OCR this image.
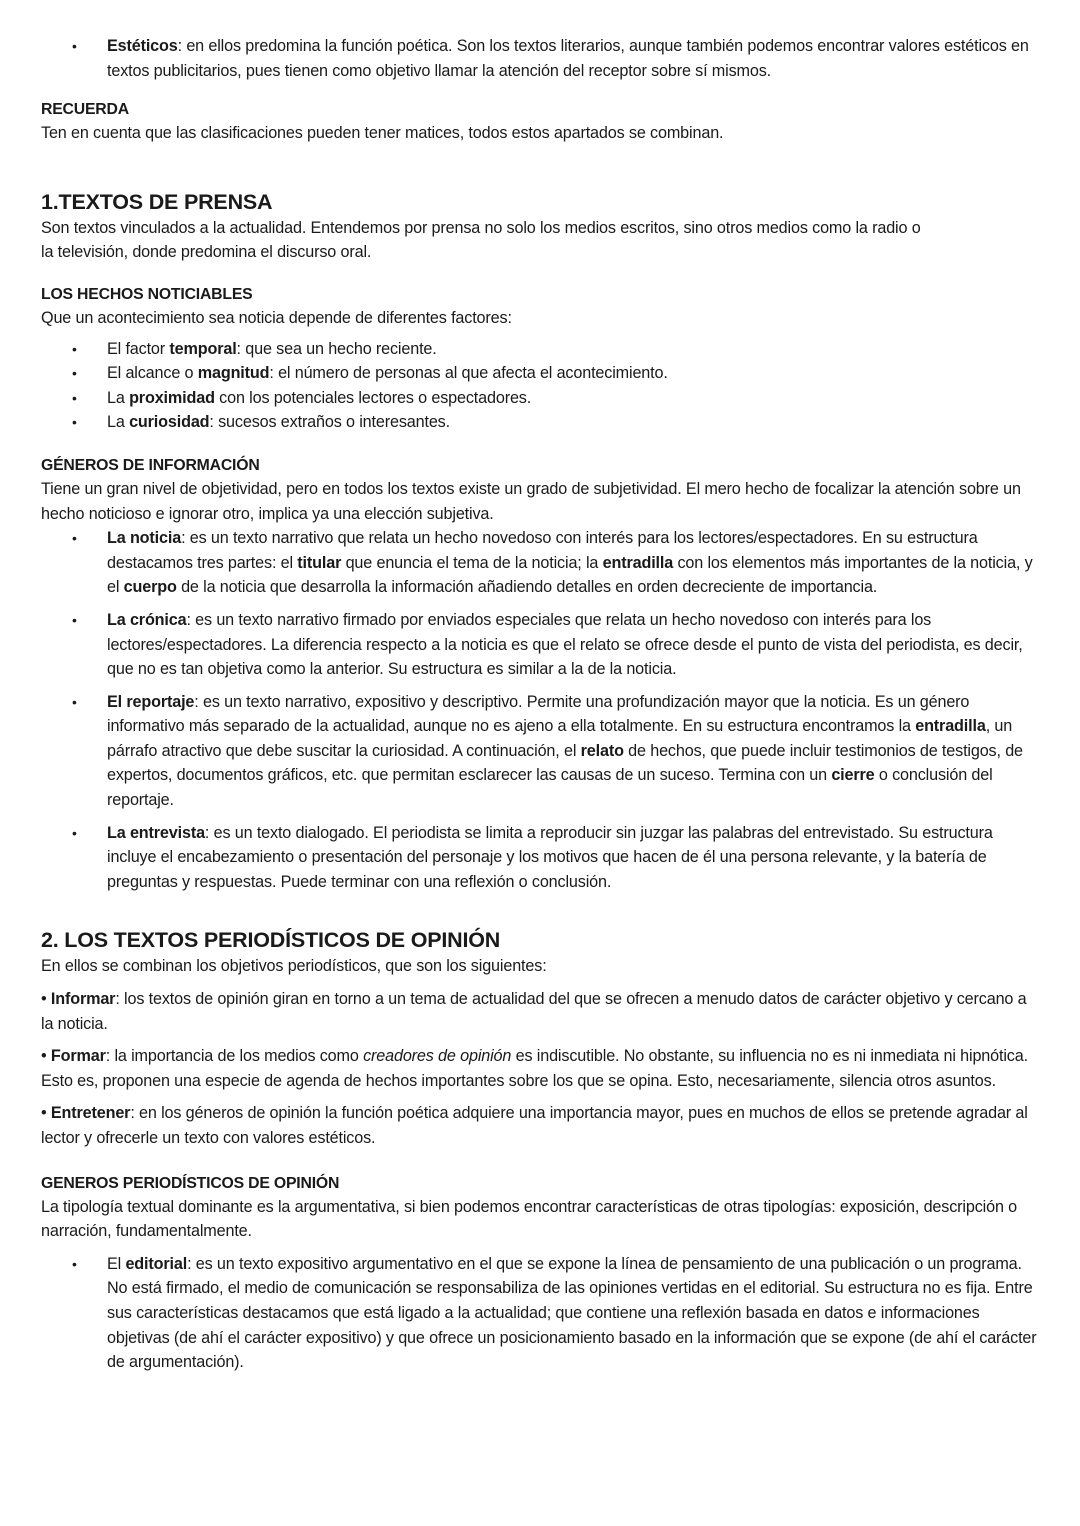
• Estéticos: en ellos predomina la función poética. Son los textos literarios, aunque también podemos encontrar valores estéticos en textos publicitarios, pues tienen como objetivo llamar la atención del receptor sobre sí mismos.

RECUERDA

Ten en cuenta que las clasificaciones pueden tener matices, todos estos apartados se combinan.

1.TEXTOS DE PRENSA

Son textos vinculados a la actualidad. Entendemos por prensa no solo los medios escritos, sino otros medios como la radio o la televisión, donde predomina el discurso oral.

LOS HECHOS NOTICIABLES

Que un acontecimiento sea noticia depende de diferentes factores:

• El factor temporal: que sea un hecho reciente.
• El alcance o magnitud: el número de personas al que afecta el acontecimiento.
• La proximidad con los potenciales lectores o espectadores.
• La curiosidad: sucesos extraños o interesantes.

GÉNEROS DE INFORMACIÓN

Tiene un gran nivel de objetividad, pero en todos los textos existe un grado de subjetividad. El mero hecho de focalizar la atención sobre un hecho noticioso e ignorar otro, implica ya una elección subjetiva.

• La noticia: es un texto narrativo que relata un hecho novedoso con interés para los lectores/espectadores. En su estructura destacamos tres partes: el titular que enuncia el tema de la noticia; la entradilla con los elementos más importantes de la noticia, y el cuerpo de la noticia que desarrolla la información añadiendo detalles en orden decreciente de importancia.
• La crónica: es un texto narrativo firmado por enviados especiales que relata un hecho novedoso con interés para los lectores/espectadores. La diferencia respecto a la noticia es que el relato se ofrece desde el punto de vista del periodista, es decir, que no es tan objetiva como la anterior. Su estructura es similar a la de la noticia.
• El reportaje: es un texto narrativo, expositivo y descriptivo. Permite una profundización mayor que la noticia. Es un género informativo más separado de la actualidad, aunque no es ajeno a ella totalmente. En su estructura encontramos la entradilla, un párrafo atractivo que debe suscitar la curiosidad. A continuación, el relato de hechos, que puede incluir testimonios de testigos, de expertos, documentos gráficos, etc. que permitan esclarecer las causas de un suceso. Termina con un cierre o conclusión del reportaje.
• La entrevista: es un texto dialogado. El periodista se limita a reproducir sin juzgar las palabras del entrevistado. Su estructura incluye el encabezamiento o presentación del personaje y los motivos que hacen de él una persona relevante, y la batería de preguntas y respuestas. Puede terminar con una reflexión o conclusión.

2. LOS TEXTOS PERIODÍSTICOS DE OPINIÓN

En ellos se combinan los objetivos periodísticos, que son los siguientes:

• Informar: los textos de opinión giran en torno a un tema de actualidad del que se ofrecen a menudo datos de carácter objetivo y cercano a la noticia.

• Formar: la importancia de los medios como creadores de opinión es indiscutible. No obstante, su influencia no es ni inmediata ni hipnótica. Esto es, proponen una especie de agenda de hechos importantes sobre los que se opina. Esto, necesariamente, silencia otros asuntos.

• Entretener: en los géneros de opinión la función poética adquiere una importancia mayor, pues en muchos de ellos se pretende agradar al lector y ofrecerle un texto con valores estéticos.

GENEROS PERIODÍSTICOS DE OPINIÓN

La tipología textual dominante es la argumentativa, si bien podemos encontrar características de otras tipologías: exposición, descripción o narración, fundamentalmente.

• El editorial: es un texto expositivo argumentativo en el que se expone la línea de pensamiento de una publicación o un programa. No está firmado, el medio de comunicación se responsabiliza de las opiniones vertidas en el editorial. Su estructura no es fija. Entre sus características destacamos que está ligado a la actualidad; que contiene una reflexión basada en datos e informaciones objetivas (de ahí el carácter expositivo) y que ofrece un posicionamiento basado en la información que se expone (de ahí el carácter de argumentación).
